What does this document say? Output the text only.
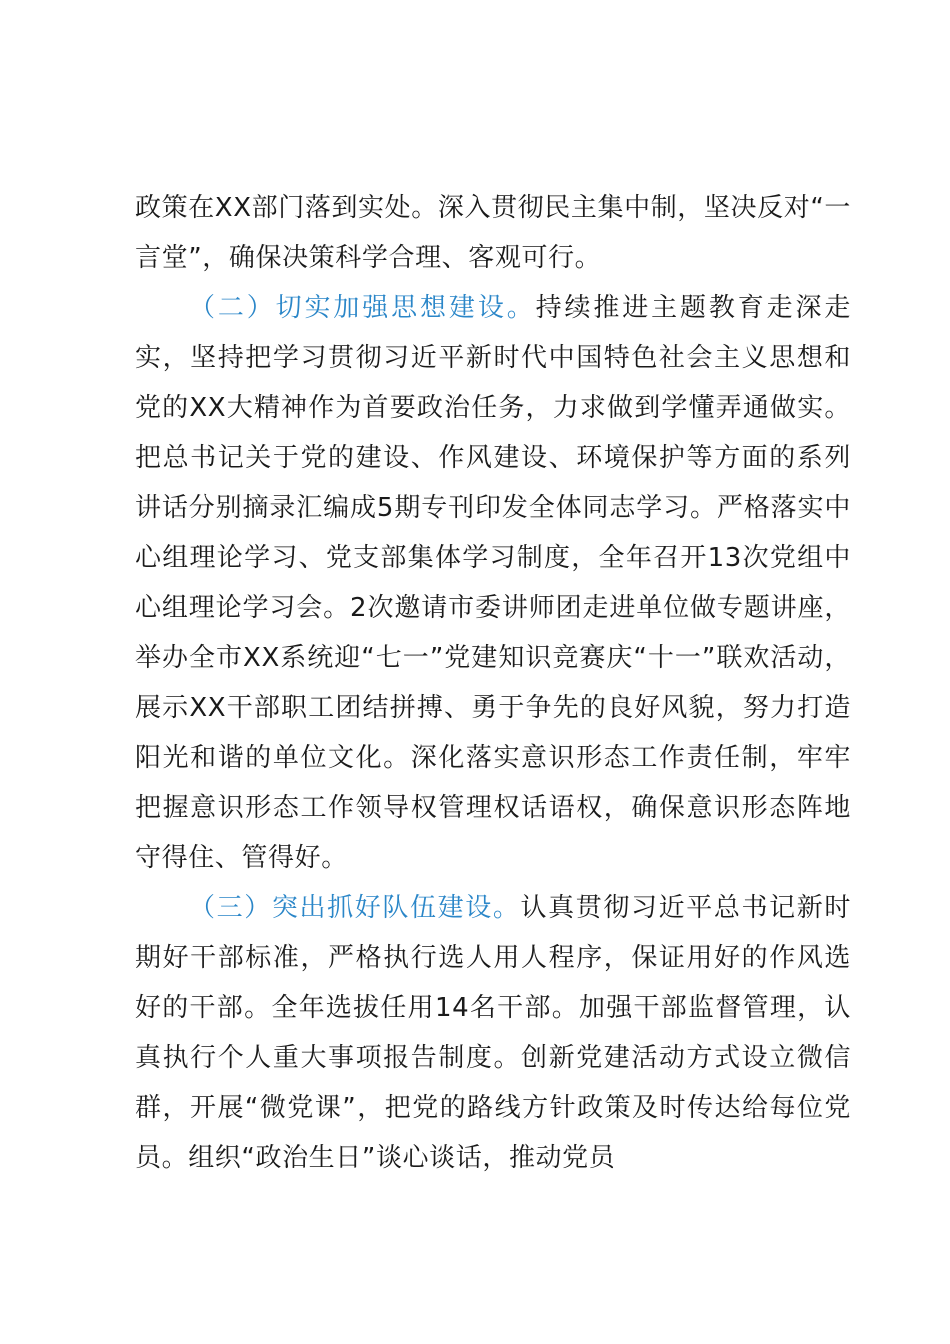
政策在XX部门落到实处。深入贯彻民主集中制，坚决反对“一言堂”，确保决策科学合理、客观可行。

（二）切实加强思想建设。持续推进主题教育走深走实，坚持把学习贯彻习近平新时代中国特色社会主义思想和党的XX大精神作为首要政治任务，力求做到学懂弄通做实。把总书记关于党的建设、作风建设、环境保护等方面的系列讲话分别摘录汇编成5期专刊印发全体同志学习。严格落实中心组理论学习、党支部集体学习制度，全年召开13次党组中心组理论学习会。2次邀请市委讲师团走进单位做专题讲座，举办全市XX系统迎“七一”党建知识竞赛庆“十一”联欢活动，展示XX干部职工团结拼搏、勇于争先的良好风貌，努力打造阳光和谐的单位文化。深化落实意识形态工作责任制，牢牢把握意识形态工作领导权管理权话语权，确保意识形态阵地守得住、管得好。

（三）突出抓好队伍建设。认真贯彻习近平总书记新时期好干部标准，严格执行选人用人程序，保证用好的作风选好的干部。全年选拔任用14名干部。加强干部监督管理，认真执行个人重大事项报告制度。创新党建活动方式设立微信群，开展“微党课”，把党的路线方针政策及时传达给每位党员。组织“政治生日”谈心谈话，推动党员
